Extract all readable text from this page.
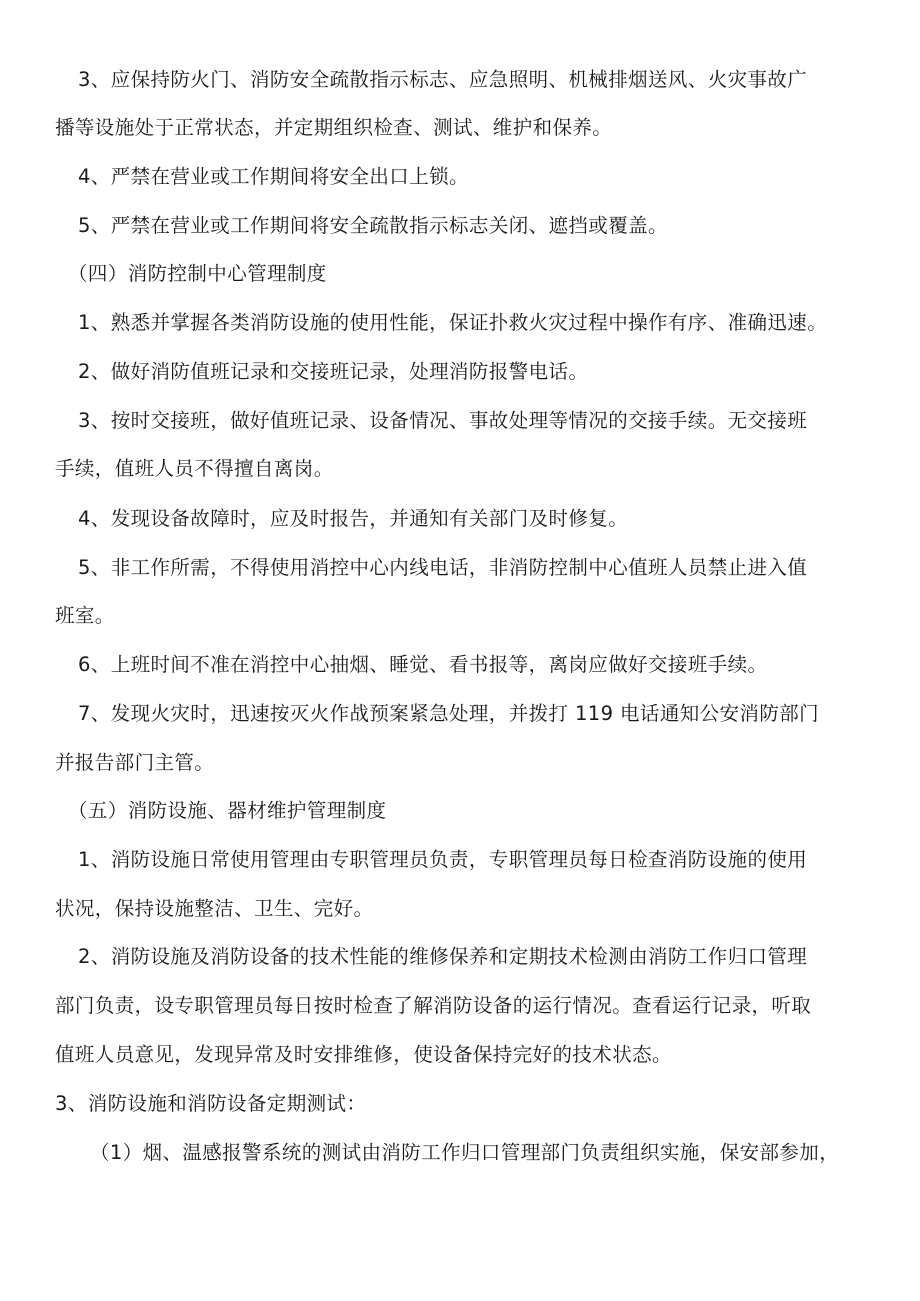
3、应保持防火门、消防安全疏散指示标志、应急照明、机械排烟送风、火灾事故广

播等设施处于正常状态，并定期组织检查、测试、维护和保养。

4、严禁在营业或工作期间将安全出口上锁。

5、严禁在营业或工作期间将安全疏散指示标志关闭、遮挡或覆盖。

（四）消防控制中心管理制度

1、熟悉并掌握各类消防设施的使用性能，保证扑救火灾过程中操作有序、准确迅速。

2、做好消防值班记录和交接班记录，处理消防报警电话。

3、按时交接班，做好值班记录、设备情况、事故处理等情况的交接手续。无交接班

手续，值班人员不得擅自离岗。

4、发现设备故障时，应及时报告，并通知有关部门及时修复。

5、非工作所需，不得使用消控中心内线电话，非消防控制中心值班人员禁止进入值

班室。

6、上班时间不准在消控中心抽烟、睡觉、看书报等，离岗应做好交接班手续。

7、发现火灾时，迅速按灭火作战预案紧急处理，并拨打 119 电话通知公安消防部门

并报告部门主管。

（五）消防设施、器材维护管理制度

1、消防设施日常使用管理由专职管理员负责，专职管理员每日检查消防设施的使用

状况，保持设施整洁、卫生、完好。

2、消防设施及消防设备的技术性能的维修保养和定期技术检测由消防工作归口管理

部门负责，设专职管理员每日按时检查了解消防设备的运行情况。查看运行记录，听取

值班人员意见，发现异常及时安排维修，使设备保持完好的技术状态。

3、消防设施和消防设备定期测试：

（1）烟、温感报警系统的测试由消防工作归口管理部门负责组织实施，保安部参加，
